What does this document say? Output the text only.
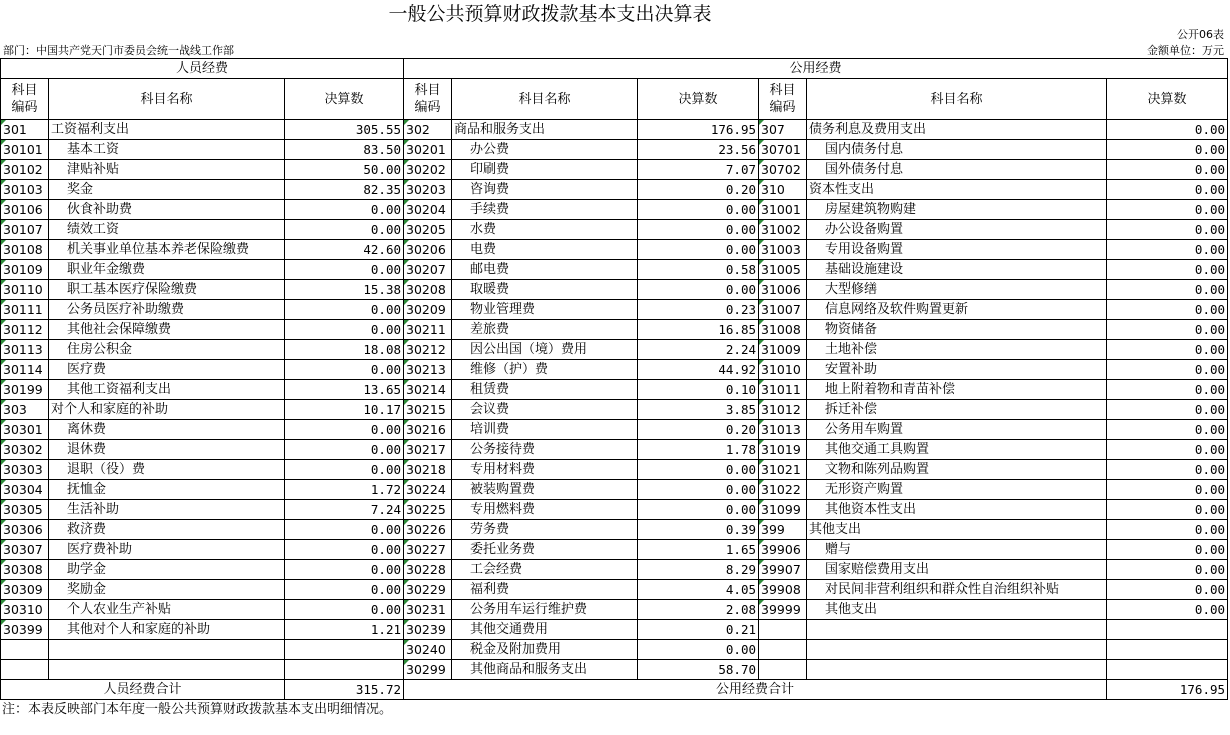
一般公共预算财政拨款基本支出决算表
公开06表
部门：中国共产党天门市委员会统一战线工作部	金额单位：万元
人员经费			公用经费					
科目
编码	科目名称	决算数	科目
编码	科目名称	决算数	科目
编码	科目名称	决算数
301	工资福利支出	305.55	302	商品和服务支出	176.95	307	债务利息及费用支出	0.00
30101	基本工资	83.50	30201	办公费	23.56	30701	国内债务付息	0.00
30102	津贴补贴	50.00	30202	印刷费	7.07	30702	国外债务付息	0.00
30103	奖金	82.35	30203	咨询费	0.20	310	资本性支出	0.00
30106	伙食补助费	0.00	30204	手续费	0.00	31001	房屋建筑物购建	0.00
30107	绩效工资	0.00	30205	水费	0.00	31002	办公设备购置	0.00
30108	机关事业单位基本养老保险缴费	42.60	30206	电费	0.00	31003	专用设备购置	0.00
30109	职业年金缴费	0.00	30207	邮电费	0.58	31005	基础设施建设	0.00
30110	职工基本医疗保险缴费	15.38	30208	取暖费	0.00	31006	大型修缮	0.00
30111	公务员医疗补助缴费	0.00	30209	物业管理费	0.23	31007	信息网络及软件购置更新	0.00
30112	其他社会保障缴费	0.00	30211	差旅费	16.85	31008	物资储备	0.00
30113	住房公积金	18.08	30212	因公出国（境）费用	2.24	31009	土地补偿	0.00
30114	医疗费	0.00	30213	维修（护）费	44.92	31010	安置补助	0.00
30199	其他工资福利支出	13.65	30214	租赁费	0.10	31011	地上附着物和青苗补偿	0.00
303	对个人和家庭的补助	10.17	30215	会议费	3.85	31012	拆迁补偿	0.00
30301	离休费	0.00	30216	培训费	0.20	31013	公务用车购置	0.00
30302	退休费	0.00	30217	公务接待费	1.78	31019	其他交通工具购置	0.00
30303	退职（役）费	0.00	30218	专用材料费	0.00	31021	文物和陈列品购置	0.00
30304	抚恤金	1.72	30224	被装购置费	0.00	31022	无形资产购置	0.00
30305	生活补助	7.24	30225	专用燃料费	0.00	31099	其他资本性支出	0.00
30306	救济费	0.00	30226	劳务费	0.39	399	其他支出	0.00
30307	医疗费补助	0.00	30227	委托业务费	1.65	39906	赠与	0.00
30308	助学金	0.00	30228	工会经费	8.29	39907	国家赔偿费用支出	0.00
30309	奖励金	0.00	30229	福利费	4.05	39908	对民间非营利组织和群众性自治组织补贴	0.00
30310	个人农业生产补贴	0.00	30231	公务用车运行维护费	2.08	39999	其他支出	0.00
30399	其他对个人和家庭的补助	1.21	30239	其他交通费用	0.21			
			30240	税金及附加费用	0.00			
			30299	其他商品和服务支出	58.70			
人员经费合计		315.72	公用经费合计					176.95
注：本表反映部门本年度一般公共预算财政拨款基本支出明细情况。
